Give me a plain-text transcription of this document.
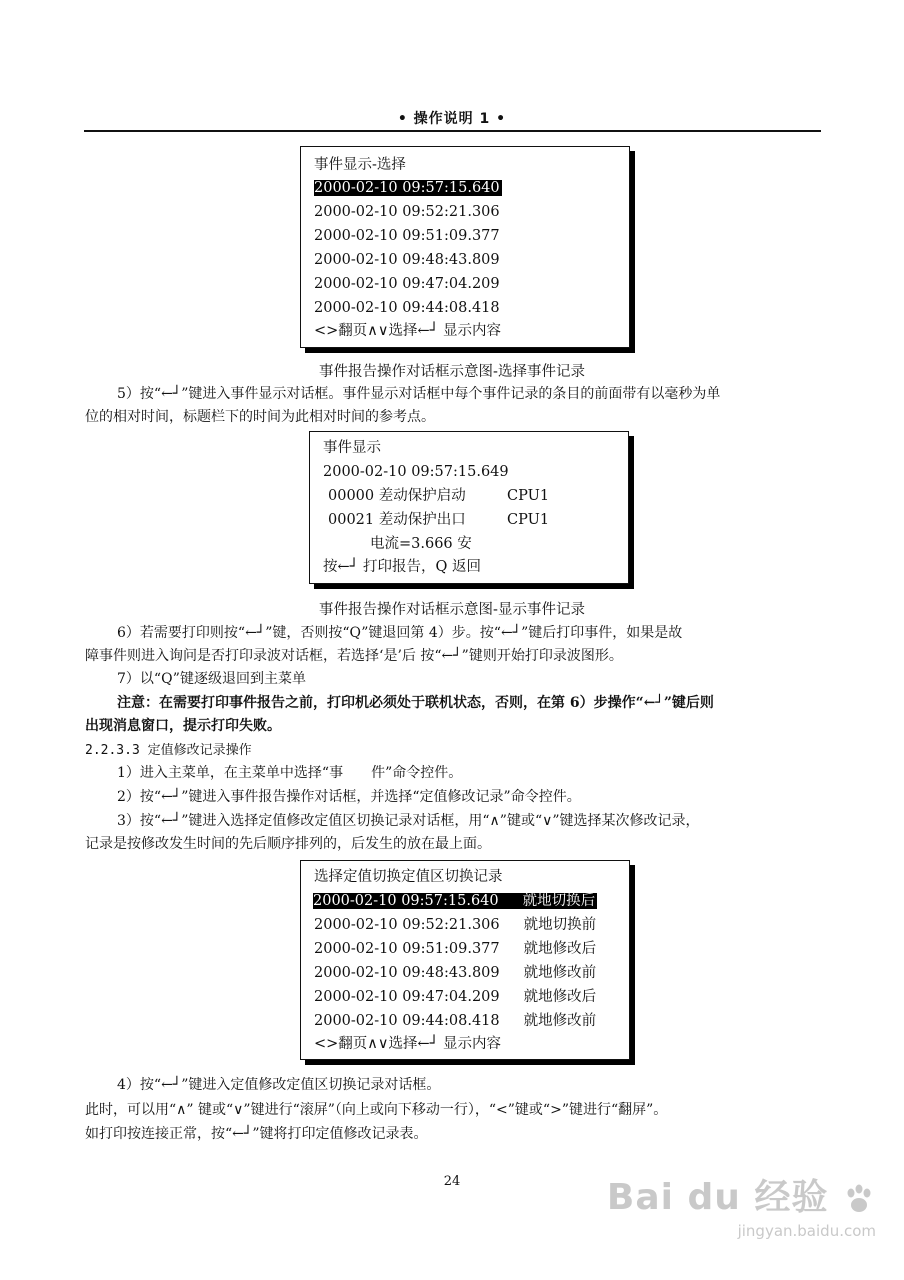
• 操作说明 1 •
事件显示-选择
2000-02-10 09:57:15.640
2000-02-10 09:52:21.306
2000-02-10 09:51:09.377
2000-02-10 09:48:43.809
2000-02-10 09:47:04.209
2000-02-10 09:44:08.418
<>翻页∧∨选择←┘ 显示内容
事件报告操作对话框示意图-选择事件记录
5）按“←┘”键进入事件显示对话框。事件显示对话框中每个事件记录的条目的前面带有以毫秒为单
位的相对时间，标题栏下的时间为此相对时间的参考点。
事件显示
2000-02-10 09:57:15.649
00000 差动保护启动	CPU1
00021 差动保护出口	CPU1
电流=3.666 安
按←┘ 打印报告，Q 返回
事件报告操作对话框示意图-显示事件记录
6）若需要打印则按“←┘”键，否则按“Q”键退回第 4）步。按“←┘”键后打印事件，如果是故
障事件则进入询问是否打印录波对话框，若选择‘是’后 按“←┘”键则开始打印录波图形。
7）以“Q”键逐级退回到主菜单
注意：在需要打印事件报告之前，打印机必须处于联机状态，否则，在第 6）步操作“←┘”键后则
出现消息窗口，提示打印失败。
2.2.3.3 定值修改记录操作
1）进入主菜单，在主菜单中选择“事　　件”命令控件。
2）按“←┘”键进入事件报告操作对话框，并选择“定值修改记录”命令控件。
3）按“←┘”键进入选择定值修改定值区切换记录对话框，用“∧”键或“∨”键选择某次修改记录，
记录是按修改发生时间的先后顺序排列的，后发生的放在最上面。
选择定值切换定值区切换记录
2000-02-10 09:57:15.640 就地切换后
2000-02-10 09:52:21.306 就地切换前
2000-02-10 09:51:09.377 就地修改后
2000-02-10 09:48:43.809 就地修改前
2000-02-10 09:47:04.209 就地修改后
2000-02-10 09:44:08.418 就地修改前
<>翻页∧∨选择←┘ 显示内容
4）按“←┘”键进入定值修改定值区切换记录对话框。
此时，可以用“∧” 键或“∨”键进行“滚屏”（向上或向下移动一行），“<”键或“>”键进行“翻屏”。
如打印按连接正常，按“←┘”键将打印定值修改记录表。
24	Bai du 经验
jingyan.baidu.com
